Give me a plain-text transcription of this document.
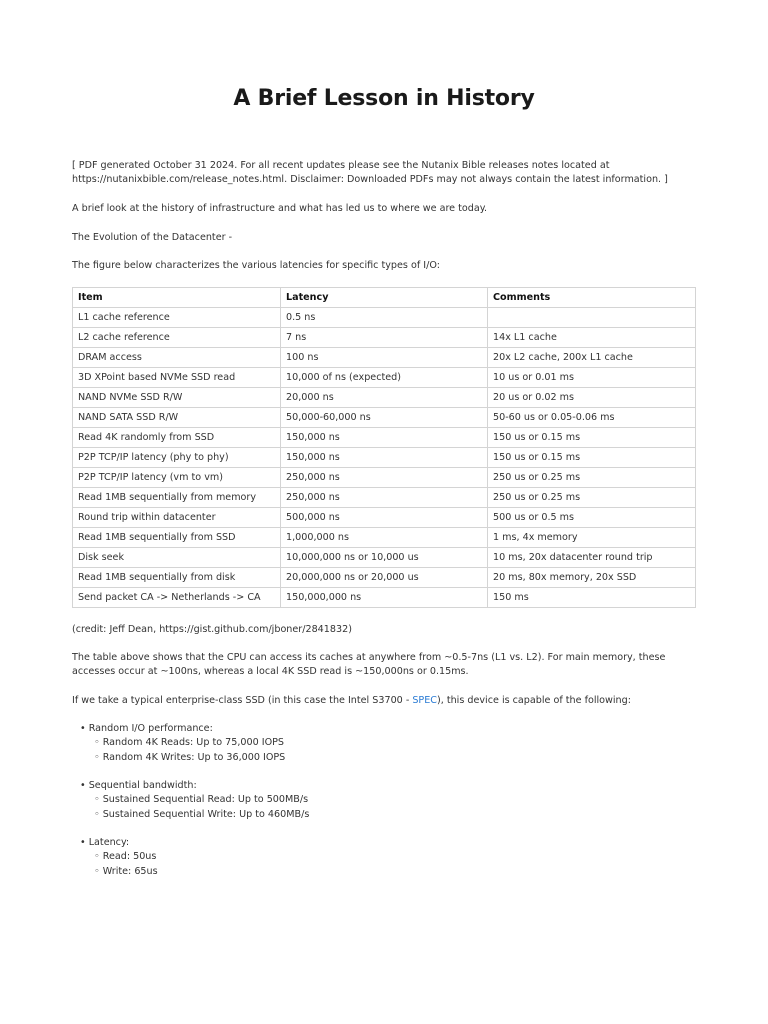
A Brief Lesson in History

[ PDF generated October 31 2024. For all recent updates please see the Nutanix Bible releases notes located at https://nutanixbible.com/release_notes.html. Disclaimer: Downloaded PDFs may not always contain the latest information. ]

A brief look at the history of infrastructure and what has led us to where we are today.

The Evolution of the Datacenter -

The figure below characterizes the various latencies for specific types of I/O:

Item	Latency	Comments
L1 cache reference	0.5 ns	
L2 cache reference	7 ns	14x L1 cache
DRAM access	100 ns	20x L2 cache, 200x L1 cache
3D XPoint based NVMe SSD read	10,000 of ns (expected)	10 us or 0.01 ms
NAND NVMe SSD R/W	20,000 ns	20 us or 0.02 ms
NAND SATA SSD R/W	50,000-60,000 ns	50-60 us or 0.05-0.06 ms
Read 4K randomly from SSD	150,000 ns	150 us or 0.15 ms
P2P TCP/IP latency (phy to phy)	150,000 ns	150 us or 0.15 ms
P2P TCP/IP latency (vm to vm)	250,000 ns	250 us or 0.25 ms
Read 1MB sequentially from memory	250,000 ns	250 us or 0.25 ms
Round trip within datacenter	500,000 ns	500 us or 0.5 ms
Read 1MB sequentially from SSD	1,000,000 ns	1 ms, 4x memory
Disk seek	10,000,000 ns or 10,000 us	10 ms, 20x datacenter round trip
Read 1MB sequentially from disk	20,000,000 ns or 20,000 us	20 ms, 80x memory, 20x SSD
Send packet CA -> Netherlands -> CA	150,000,000 ns	150 ms

(credit: Jeff Dean, https://gist.github.com/jboner/2841832)

The table above shows that the CPU can access its caches at anywhere from ~0.5-7ns (L1 vs. L2). For main memory, these accesses occur at ~100ns, whereas a local 4K SSD read is ~150,000ns or 0.15ms.

If we take a typical enterprise-class SSD (in this case the Intel S3700 - SPEC), this device is capable of the following:

• Random I/O performance:
◦ Random 4K Reads: Up to 75,000 IOPS
◦ Random 4K Writes: Up to 36,000 IOPS
• Sequential bandwidth:
◦ Sustained Sequential Read: Up to 500MB/s
◦ Sustained Sequential Write: Up to 460MB/s
• Latency:
◦ Read: 50us
◦ Write: 65us
